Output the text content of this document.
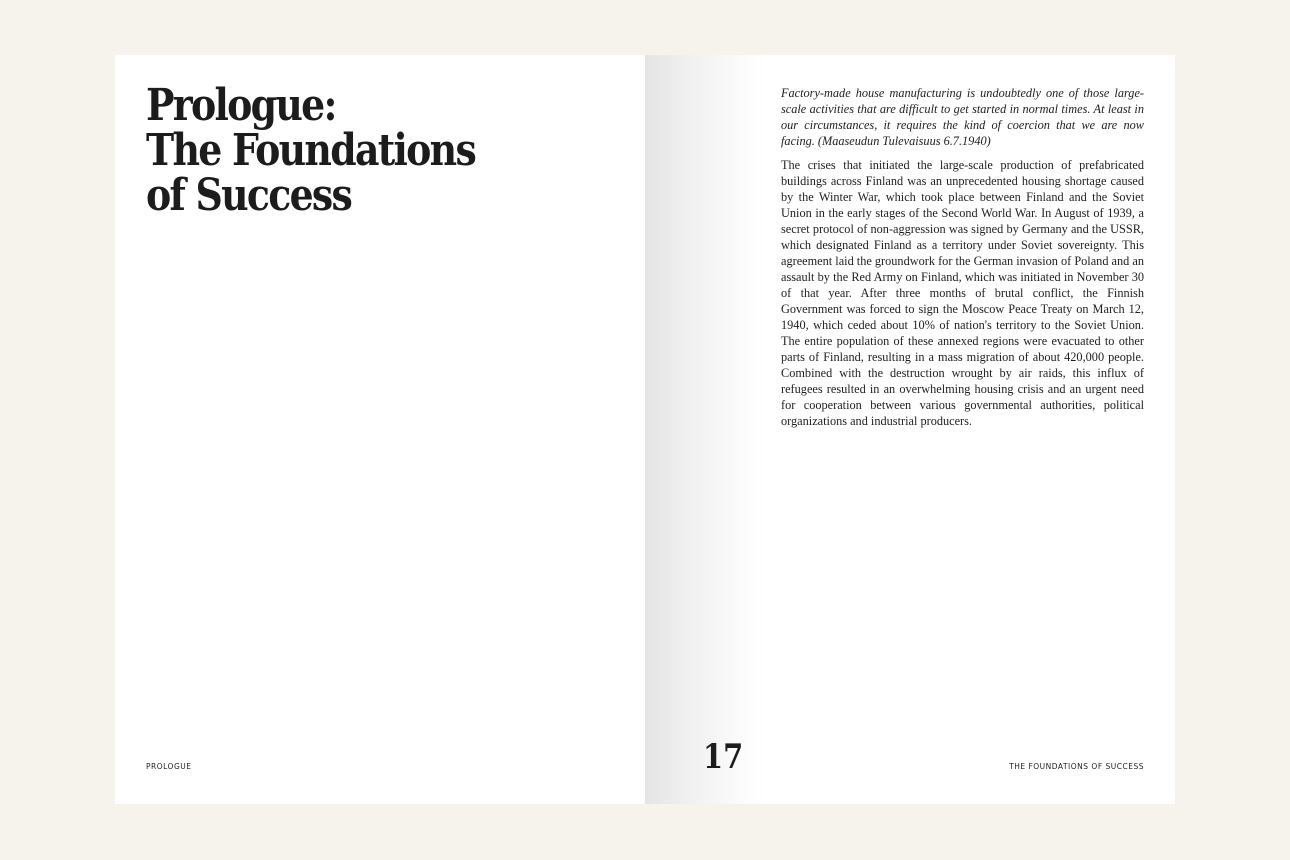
Prologue:
The Foundations
of Success
PROLOGUE

Factory-made house manufacturing is undoubtedly one of those large-scale activities that are difficult to get started in normal times. At least in our circumstances, it requires the kind of coercion that we are now facing. (Maaseudun Tulevaisuus 6.7.1940)

The crises that initiated the large-scale production of prefabricated buildings across Finland was an unprecedented housing shortage caused by the Winter War, which took place between Finland and the Soviet Union in the early stages of the Second World War. In August of 1939, a secret protocol of non-aggression was signed by Germany and the USSR, which designated Finland as a territory under Soviet sovereignty. This agreement laid the groundwork for the German invasion of Poland and an assault by the Red Army on Finland, which was initiated in November 30 of that year. After three months of brutal conflict, the Finnish Government was forced to sign the Moscow Peace Treaty on March 12, 1940, which ceded about 10% of nation's territory to the Soviet Union. The entire population of these annexed regions were evacuated to other parts of Finland, resulting in a mass migration of about 420,000 people. Combined with the destruction wrought by air raids, this influx of refugees resulted in an overwhelming housing crisis and an urgent need for cooperation between various governmental authorities, political organizations and industrial producers.

17	THE FOUNDATIONS OF SUCCESS
